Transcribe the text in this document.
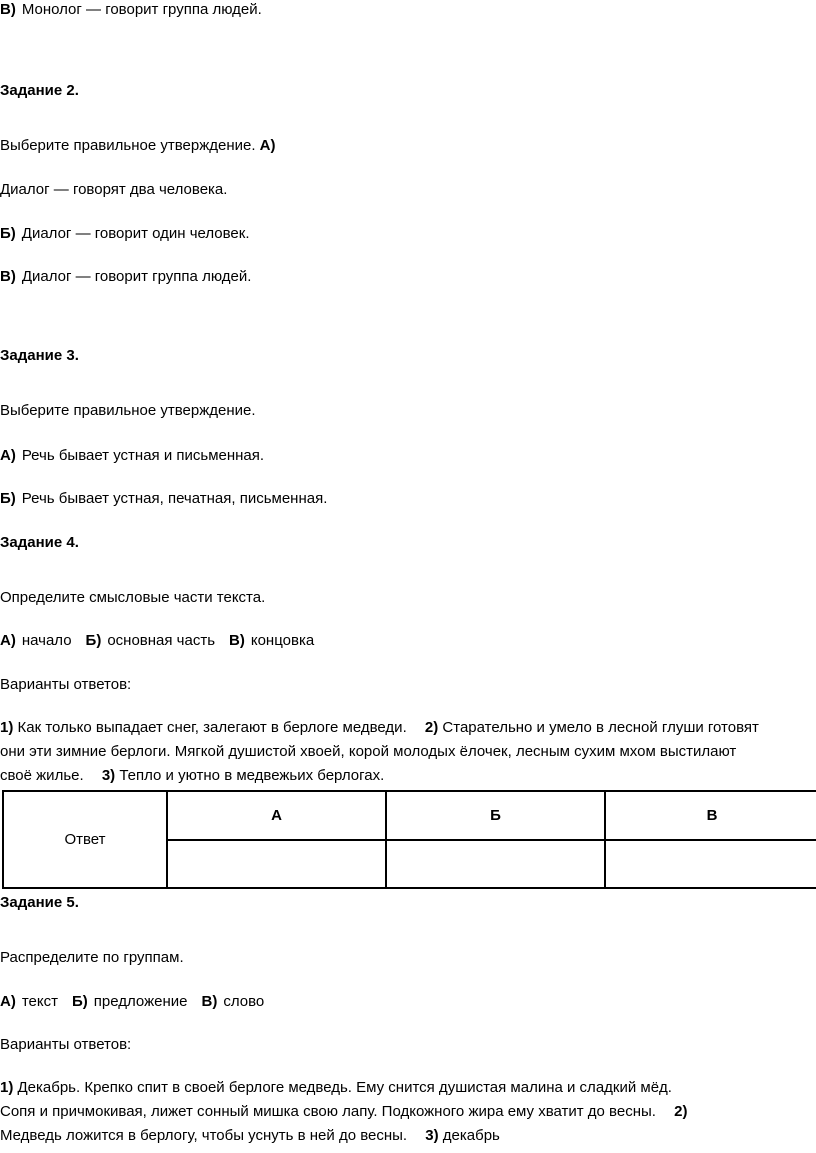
В) Монолог — говорит группа людей.
Задание 2.
Выберите правильное утверждение. А)
Диалог — говорят два человека.
Б) Диалог — говорит один человек.
В) Диалог — говорит группа людей.
Задание 3.
Выберите правильное утверждение.
А) Речь бывает устная и письменная.
Б) Речь бывает устная, печатная, письменная.
Задание 4.
Определите смысловые части текста.
А) начало Б) основная часть В) концовка
Варианты ответов:
1) Как только выпадает снег, залегают в берлоге медведи. 2) Старательно и умело в лесной глуши готовят
они эти зимние берлоги. Мягкой душистой хвоей, корой молодых ёлочек, лесным сухим мхом выстилают
своё жилье. 3) Тепло и уютно в медвежьих берлогах.
Ответ	А	Б	В

Задание 5.
Распределите по группам.
А) текст Б) предложение В) слово
Варианты ответов:
1) Декабрь. Крепко спит в своей берлоге медведь. Ему снится душистая малина и сладкий мёд.
Сопя и причмокивая, лижет сонный мишка свою лапу. Подкожного жира ему хватит до весны. 2)
Медведь ложится в берлогу, чтобы уснуть в ней до весны. 3) декабрь
